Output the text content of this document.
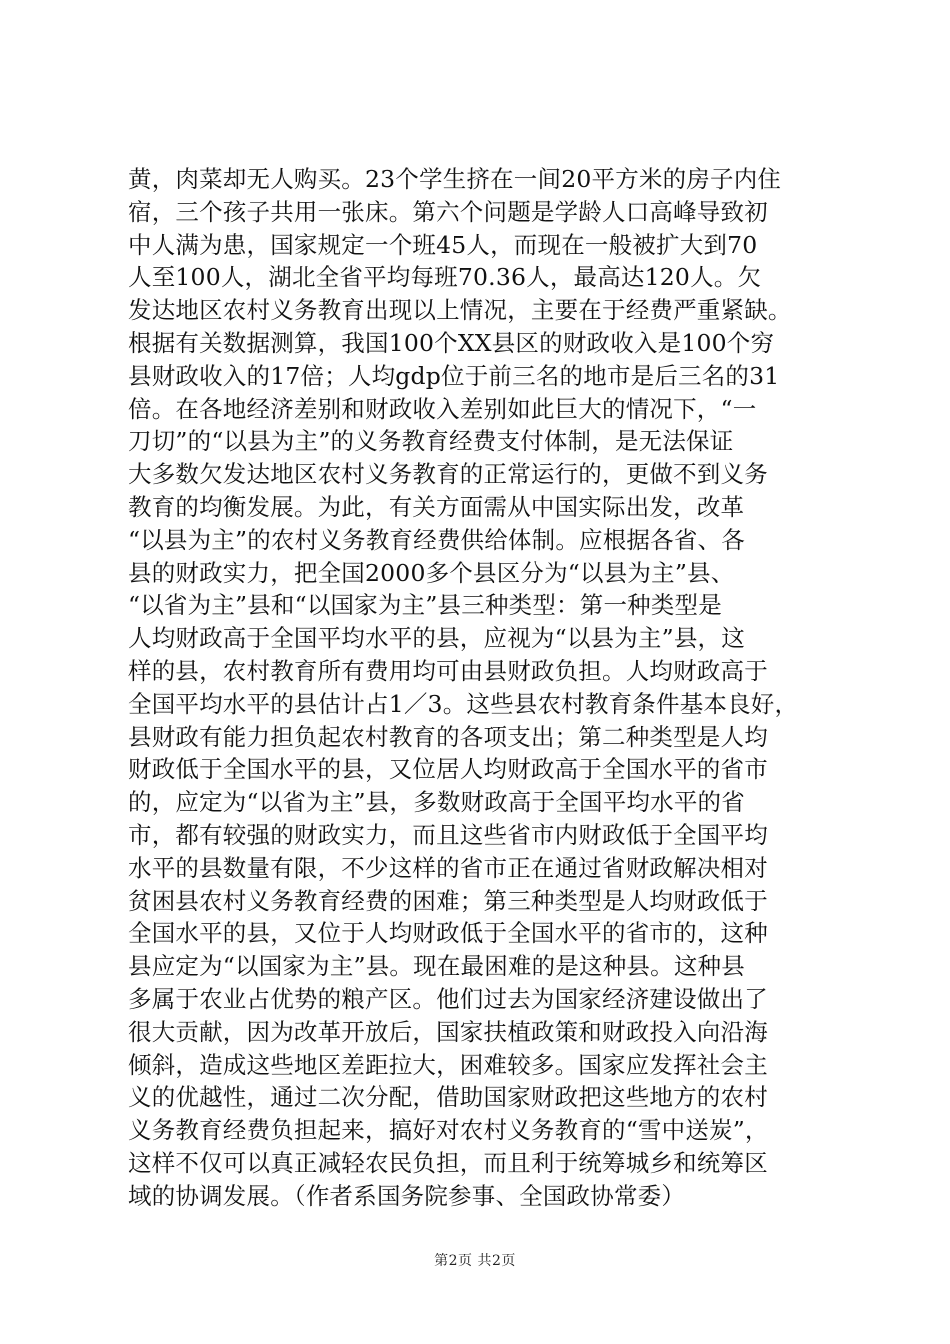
黄，肉菜却无人购买。23个学生挤在一间20平方米的房子内住
宿，三个孩子共用一张床。第六个问题是学龄人口高峰导致初
中人满为患，国家规定一个班45人，而现在一般被扩大到70
人至100人，湖北全省平均每班70.36人，最高达120人。欠
发达地区农村义务教育出现以上情况，主要在于经费严重紧缺。
根据有关数据测算，我国100个XX县区的财政收入是100个穷
县财政收入的17倍；人均gdp位于前三名的地市是后三名的31
倍。在各地经济差别和财政收入差别如此巨大的情况下，“一
刀切”的“以县为主”的义务教育经费支付体制，是无法保证
大多数欠发达地区农村义务教育的正常运行的，更做不到义务
教育的均衡发展。为此，有关方面需从中国实际出发，改革
“以县为主”的农村义务教育经费供给体制。应根据各省、各
县的财政实力，把全国2000多个县区分为“以县为主”县、
“以省为主”县和“以国家为主”县三种类型：第一种类型是
人均财政高于全国平均水平的县，应视为“以县为主”县，这
样的县，农村教育所有费用均可由县财政负担。人均财政高于
全国平均水平的县估计占1／3。这些县农村教育条件基本良好，
县财政有能力担负起农村教育的各项支出；第二种类型是人均
财政低于全国水平的县，又位居人均财政高于全国水平的省市
的，应定为“以省为主”县，多数财政高于全国平均水平的省
市，都有较强的财政实力，而且这些省市内财政低于全国平均
水平的县数量有限，不少这样的省市正在通过省财政解决相对
贫困县农村义务教育经费的困难；第三种类型是人均财政低于
全国水平的县，又位于人均财政低于全国水平的省市的，这种
县应定为“以国家为主”县。现在最困难的是这种县。这种县
多属于农业占优势的粮产区。他们过去为国家经济建设做出了
很大贡献，因为改革开放后，国家扶植政策和财政投入向沿海
倾斜，造成这些地区差距拉大，困难较多。国家应发挥社会主
义的优越性，通过二次分配，借助国家财政把这些地方的农村
义务教育经费负担起来，搞好对农村义务教育的“雪中送炭”，
这样不仅可以真正减轻农民负担，而且利于统筹城乡和统筹区
域的协调发展。（作者系国务院参事、全国政协常委）
第2页 共2页
